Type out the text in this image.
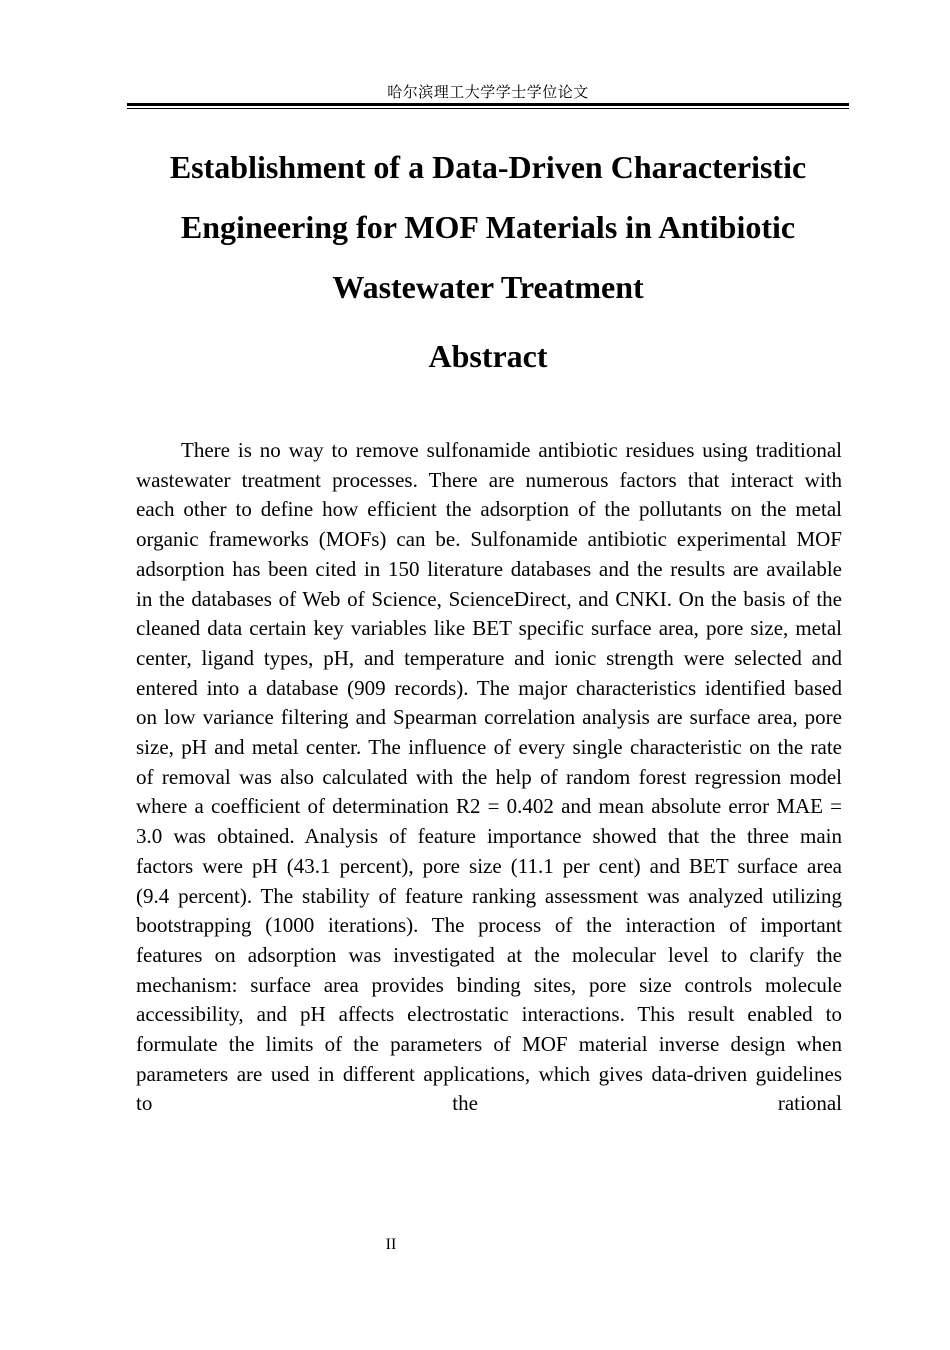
哈尔滨理工大学学士学位论文
Establishment of a Data-Driven Characteristic Engineering for MOF Materials in Antibiotic Wastewater Treatment
Abstract

There is no way to remove sulfonamide antibiotic residues using traditional wastewater treatment processes. There are numerous factors that interact with each other to define how efficient the adsorption of the pollutants on the metal organic frameworks (MOFs) can be. Sulfonamide antibiotic experimental MOF adsorption has been cited in 150 literature databases and the results are available in the databases of Web of Science, ScienceDirect, and CNKI. On the basis of the cleaned data certain key variables like BET specific surface area, pore size, metal center, ligand types, pH, and temperature and ionic strength were selected and entered into a database (909 records). The major characteristics identified based on low variance filtering and Spearman correlation analysis are surface area, pore size, pH and metal center. The influence of every single characteristic on the rate of removal was also calculated with the help of random forest regression model where a coefficient of determination R2 = 0.402 and mean absolute error MAE = 3.0 was obtained. Analysis of feature importance showed that the three main factors were pH (43.1 percent), pore size (11.1 per cent) and BET surface area (9.4 percent). The stability of feature ranking assessment was analyzed utilizing bootstrapping (1000 iterations). The process of the interaction of important features on adsorption was investigated at the molecular level to clarify the mechanism: surface area provides binding sites, pore size controls molecule accessibility, and pH affects electrostatic interactions. This result enabled to formulate the limits of the parameters of MOF material inverse design when parameters are used in different applications, which gives data-driven guidelines to the rational

II
